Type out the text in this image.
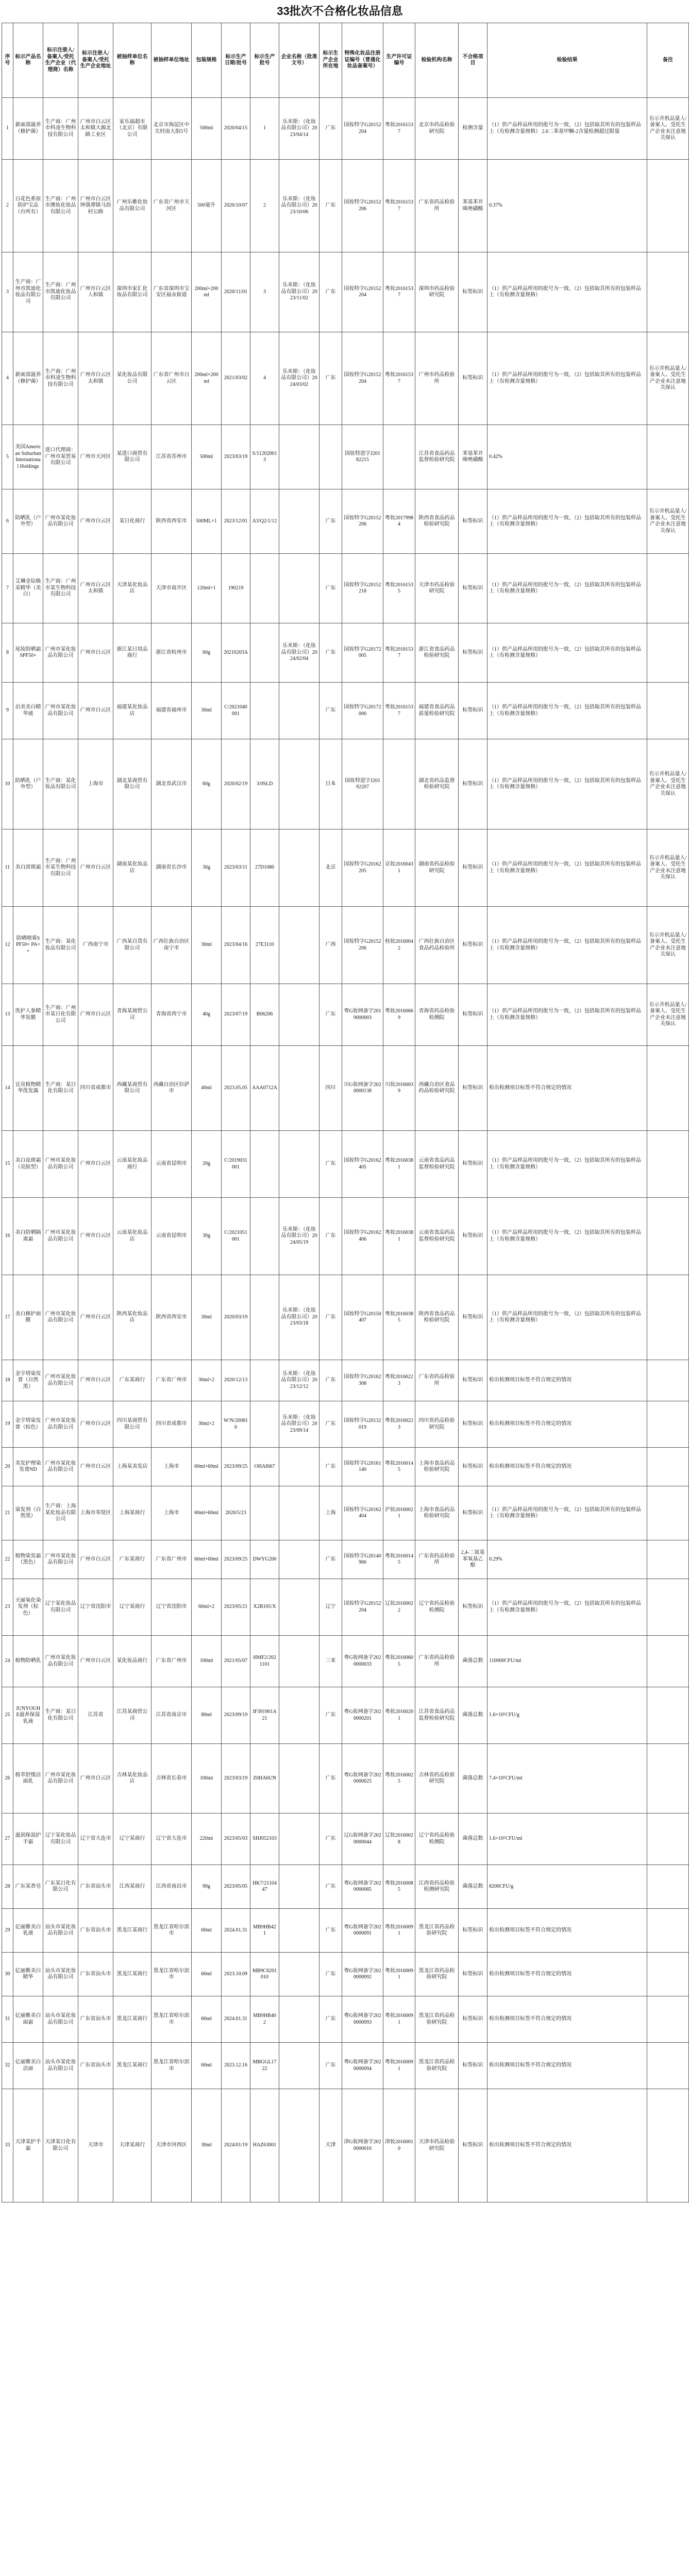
33批次不合格化妆品信息
序号	标示产品名称	标示注册人/备案人/受托生产企业（代理商）名称	标示注册人/备案人/受托生产企业地址	被抽样单位名称	被抽样单位地址	包装规格	标示生产日期/批号	标示生产批号	企业名称（批准文号）	标示生产企业所在地	特殊化妆品注册证编号（普通化妆品备案号）	生产许可证编号	检验机构名称	不合格项目	检验结果	备注
1	新面部滋养（修护菌）	生产商：广州市科凌生物科技有限公司	广州市白云区太和镇大源北路工业区	家乐福超市（北京）有限公司	北京市海淀区中关村南大街5号	500ml	2020/04/15	1	乐米斯：（化妆品有限公司）2023/04/14	广东	国妆特字G20152204	粤妆20161537	北京市药品检验研究院	检测含量	（1）供产品样品所用的批号为一致，（2）包括取其所有的包装样品上（有检测含量规格） 2.6二苯基甲酮-2含量检测超过限量	有示并机品量人/备案人、受托生产企业未注意地关保认
2	白花色系原防护宝品（台所有）	生产商：广州市澳妆化妆品有限公司	广州市白云区钟落潭镇马沥村公路	广州乐雅化妆品有限公司	广东省广州市天河区	500毫升	2020/10/07	2	乐米斯：（化妆品有限公司）2023/10/06	广东	国妆特字G20152206	粤妆20161537	广东省药品检验所	苯基苯并咪唑磺酸	0.37%	
3	生产商：广州市凯迪化妆品有限公司	生产商：广州市凯迪化妆品有限公司	广州市白云区人和镇	深圳市家汇化妆品有限公司	广东省深圳市宝安区福永街道	200ml+200ml	2020/11/01	3	乐米斯：（化妆品有限公司）2023/11/02	广东	国妆特字G20152204	粤妆20161537	深圳市药品检验研究院	标签标识	（1）供产品样品所用的批号为一致，（2）包括取其所有的包装样品上（有检测含量规格）	
4	新面部滋养（修护菌）	生产商：广州市科凌生物科技有限公司	广州市白云区太和镇	某化妆品有限公司	广东省广州市白云区	200ml+200ml	2021/03/02	4	乐米斯：（化妆品有限公司）2024/03/02	广东	国妆特字G20152204	粤妆20161537	广州市药品检验所	标签标识	（1）供产品样品所用的批号为一致，（2）包括取其所有的包装样品上（有检测含量规格）	有示并机品量人/备案人、受托生产企业未注意地关保认
5	美国American Suburban International Holdings	进口代理商：广州市某贸易有限公司	广州市天河区	某进口商贸有限公司	江苏省苏州市	500ml	2023/03/19	S/112020013			国妆特进字J20182215		江苏省食品药品监督检验研究院	苯基苯并咪唑磺酸	0.42%	
6	防晒乳（户外型）	广州市某化妆品有限公司	广州市白云区	某日化商行	陕西省西安市	500ML×1	2023/12/01	A3/Q2/1/12		广东	国妆特字G20152206	粤妆20179984	陕西省食品药品检验研究院	标签标识	（1）供产品样品所用的批号为一致，（2）包括取其所有的包装样品上（有检测含量规格）	有示并机品量人/备案人、受托生产企业未注意地关保认
7	艾琳金钻焕采精华（美白）	生产商：广州市某生物科技有限公司	广州市白云区太和镇	天津某化妆品店	天津市南开区	120ml×1	190219			广东	国妆特字G20152218	粤妆20161535	天津市药品检验研究院	标签标识	（1）供产品样品所用的批号为一致，（2）包括取其所有的包装样品上（有检测含量规格）	
8	尾妆防晒霜SPF50+	广州市某化妆品有限公司	广州市白云区	浙江某日用品商行	浙江省杭州市	60g	20210203A		乐米斯：（化妆品有限公司）2024/02/04	广东	国妆特字G20172005	粤妆20181537	浙江省食品药品检验研究院	标签标识	（1）供产品样品所用的批号为一致，（2）包括取其所有的包装样品上（有检测含量规格）	
9	泊美美白精华液	广州市某化妆品有限公司	广州市白云区	福建某化妆品店	福建省福州市	30ml	C/2021040001			广东	国妆特字G20172006	粤妆20161537	福建省食品药品质量检验研究院	标签标识	（1）供产品样品所用的批号为一致，（2）包括取其所有的包装样品上（有检测含量规格）	
10	防晒乳（户外型）	生产商：某化妆品有限公司	上海市	湖北某商贸有限公司	湖北省武汉市	60g	2020/02/19	3/0SLD		日本	国妆特进字J20192207		湖北省药品监督检验研究院	标签标识	（1）供产品样品所用的批号为一致，（2）包括取其所有的包装样品上（有检测含量规格）	有示并机品量人/备案人、受托生产企业未注意地关保认
11	美白淡斑霜	生产商：广州市某生物科技有限公司	广州市白云区	湖南某化妆品店	湖南省长沙市	30g	2023/03/11	27D1080		北京	国妆特字G20162205	京妆20160431	湖南省药品检验研究院	标签标识	（1）供产品样品所用的批号为一致，（2）包括取其所有的包装样品上（有检测含量规格）	有示并机品量人/备案人、受托生产企业未注意地关保认
12	防晒喷雾SPF50+ PA++	生产商：某化妆品有限公司	广西南宁市	广西某百货有限公司	广西壮族自治区南宁市	30ml	2023/04/16	27E3110		广西	国妆特字G20152206	桂妆20160042	广西壮族自治区食品药品检验所	标签标识	（1）供产品样品所用的批号为一致，（2）包括取其所有的包装样品上（有检测含量规格）	有示并机品量人/备案人、受托生产企业未注意地关保认
13	洗护人参精华发膜	生产商：广州市某日化有限公司	广州市白云区	青海某商贸公司	青海省西宁市	40g	2023/07/19	B06206		广东	粤G妆网备字2019000003	粤妆20160669	青海省药品检验检测院	标签标识	（1）供产品样品所用的批号为一致，（2）包括取其所有的包装样品上（有检测含量规格）	有示并机品量人/备案人、受托生产企业未注意地关保认
14	宜亮植物精华洗发露	生产商：某日化有限公司	四川省成都市	西藏某商贸有限公司	西藏自治区拉萨市	40ml	2023.05.05	AAA0712A		四川	川G妆网备字2020000138	川妆20160039	西藏自治区食品药品检验研究院	标签标识	检出检测项目标签不符合规定的情况	
15	美白祛斑霜（亮肤型）	广州市某化妆品有限公司	广州市白云区	云南某化妆品商行	云南省昆明市	20g	C/2019031001			广东	国妆特字G20162405	粤妆20160381	云南省食品药品监督检验研究院	标签标识	（1）供产品样品所用的批号为一致，（2）包括取其所有的包装样品上（有检测含量规格）	
16	美白防晒隔离霜	广州市某化妆品有限公司	广州市白云区	云南某化妆品店	云南省昆明市	30g	C/2021051001		乐米斯：（化妆品有限公司）2024/05/19	广东	国妆特字G20162406	粤妆20160381	云南省食品药品监督检验研究院	标签标识	（1）供产品样品所用的批号为一致，（2）包括取其所有的包装样品上（有检测含量规格）	
17	美白修护面膜	广州市某化妆品有限公司	广州市白云区	陕西某化妆品店	陕西省西安市	30ml	2020/03/19		乐米斯：（化妆品有限公司）2023/03/18	广东	国妆特字G20150407	粤妆20160385	陕西省食品药品检验研究院	标签标识	（1）供产品样品所用的批号为一致，（2）包括取其所有的包装样品上（有检测含量规格）	
18	金字塔染发膏（自然黑）	广州市某化妆品有限公司	广州市白云区	广东某商行	广东省广州市	30ml×2	2020/12/13		乐米斯：（化妆品有限公司）2023/12/12	广东	国妆特字G20162308	粤妆20160223	广东省药品检验所	标签标识	检出检测项目标签不符合规定的情况	
19	金字塔染发膏（棕色）	广州市某化妆品有限公司	广州市白云区	四川某商贸有限公司	四川省成都市	30ml×2	W/N/200810		乐米斯：（化妆品有限公司）2023/09/14	广东	国妆特字G20132019	粤妆20160223	四川省药品检验研究院	标签标识	检出检测项目标签不符合规定的情况	
20	美发护理染发膏ND	广州市某化妆品有限公司	广州市白云区	上海某美发店	上海市	60ml+60ml	2023/09/25	OHAI667		广东	国妆特字G20161140	粤妆20160145	上海市食品药品检验研究院	标签标识	检出检测项目标签不符合规定的情况	
21	染发剂（自然黑）	生产商：上海某化妆品有限公司	上海市奉贤区	上海某商行	上海市	60ml+60ml	2020/5/23			上海	国妆特字G20162404	沪妆20160021	上海市食品药品检验研究院	标签标识	（1）供产品样品所用的批号为一致，（2）包括取其所有的包装样品上（有检测含量规格）	
22	植物染发霜（黑色）	广州市某化妆品有限公司	广州市白云区	广东某商行	广东省广州市	60ml+60ml	2023/09/25	DWYG200		广东	国妆特字G20140966	粤妆20160145	广东省药品检验所	2,4-二氨基苯氧基乙醇	0.29%	
23	天丽氧化染发剂（棕色）	辽宁某化妆品有限公司	辽宁省沈阳市	辽宁某商行	辽宁省沈阳市	60ml×2	2023/05/21	X2B105/X		辽宁	国妆特字G20152204	辽妆20160022	辽宁省药品检验检测院	标签标识	（1）供产品样品所用的批号为一致，（2）包括取其所有的包装样品上（有检测含量规格）	
24	植物防晒乳	广州市某化妆品有限公司	广州市白云区	某化妆品商行	广东省广州市	100ml	2021/05/07	HMF2/2021101		三亚	粤G妆网备字2020000033	粤妆20160605	广东省药品检验所	菌落总数	110000CFU/ml	
25	JUNYOUHE滋养保湿乳液	生产商：某日化有限公司	江苏省	江苏某商贸公司	江苏省南京市	80ml	2023/09/19	IF391901A21		广东	粤G妆网备字2020000201	粤妆20160201	江苏省食品药品监督检验研究院	菌落总数	1.6×10⁵CFU/g	
26	植萃舒缓洁面乳	广州市某化妆品有限公司	广州市白云区	吉林某化妆品店	吉林省长春市	100ml	2023/03/19	Z0HA6UN		广东	粤G妆网备字2020000025	粤妆20160025	吉林省药品检验研究院	菌落总数	7.4×10⁵CFU/ml	
27	滋润保湿护手霜	辽宁某化妆品有限公司	辽宁省大连市	辽宁某商行	辽宁省大连市	220ml	2023/05/03	SHJ052103		广东	辽G妆网备字2020000044	辽妆20160028	辽宁省药品检验检测院	菌落总数	1.6×10⁵CFU/ml	
28	广东某香皂	广东某日化有限公司	广东省汕头市	江西某商行	江西省南昌市	90g	2023/05/05	HK7/2110447		广东	粤G妆网备字2020000085	粤妆20160085	江西省药品检验检测研究院	菌落总数	8200CFU/g	
29	亿丽雅美白乳液	汕头市某化妆品有限公司	广东省汕头市	黑龙江某商行	黑龙江省哈尔滨市	60ml	2024.01.31	MB9HB421		广东	粤G妆网备字2020000091	粤妆20160091	黑龙江省药品检验研究院	标签标识	检出检测项目标签不符合规定的情况	
30	亿丽雅美白精华	汕头市某化妆品有限公司	广东省汕头市	黑龙江某商行	黑龙江省哈尔滨市	60ml	2023.10.09	MB9C6201010		广东	粤G妆网备字2020000092	粤妆20160091	黑龙江省药品检验研究院	标签标识	检出检测项目标签不符合规定的情况	
31	亿丽雅美白面霜	汕头市某化妆品有限公司	广东省汕头市	黑龙江某商行	黑龙江省哈尔滨市	60ml	2024.01.31	MB9HB402		广东	粤G妆网备字2020000093	粤妆20160091	黑龙江省药品检验研究院	标签标识	检出检测项目标签不符合规定的情况	
32	亿丽雅美白洁面	汕头市某化妆品有限公司	广东省汕头市	黑龙江某商行	黑龙江省哈尔滨市	60ml	2023.12.16	MBGGL1722		广东	粤G妆网备字2020000094	粤妆20160091	黑龙江省药品检验研究院	标签标识	检出检测项目标签不符合规定的情况	
33	天津某护手霜	天津某日化有限公司	天津市	天津某商行	天津市河西区	30ml	2024/01/19	HAZ63001		天津	津G妆网备字2020000010	津妆20160010	天津市药品检验研究院	标签标识	检出检测项目标签不符合规定的情况	
